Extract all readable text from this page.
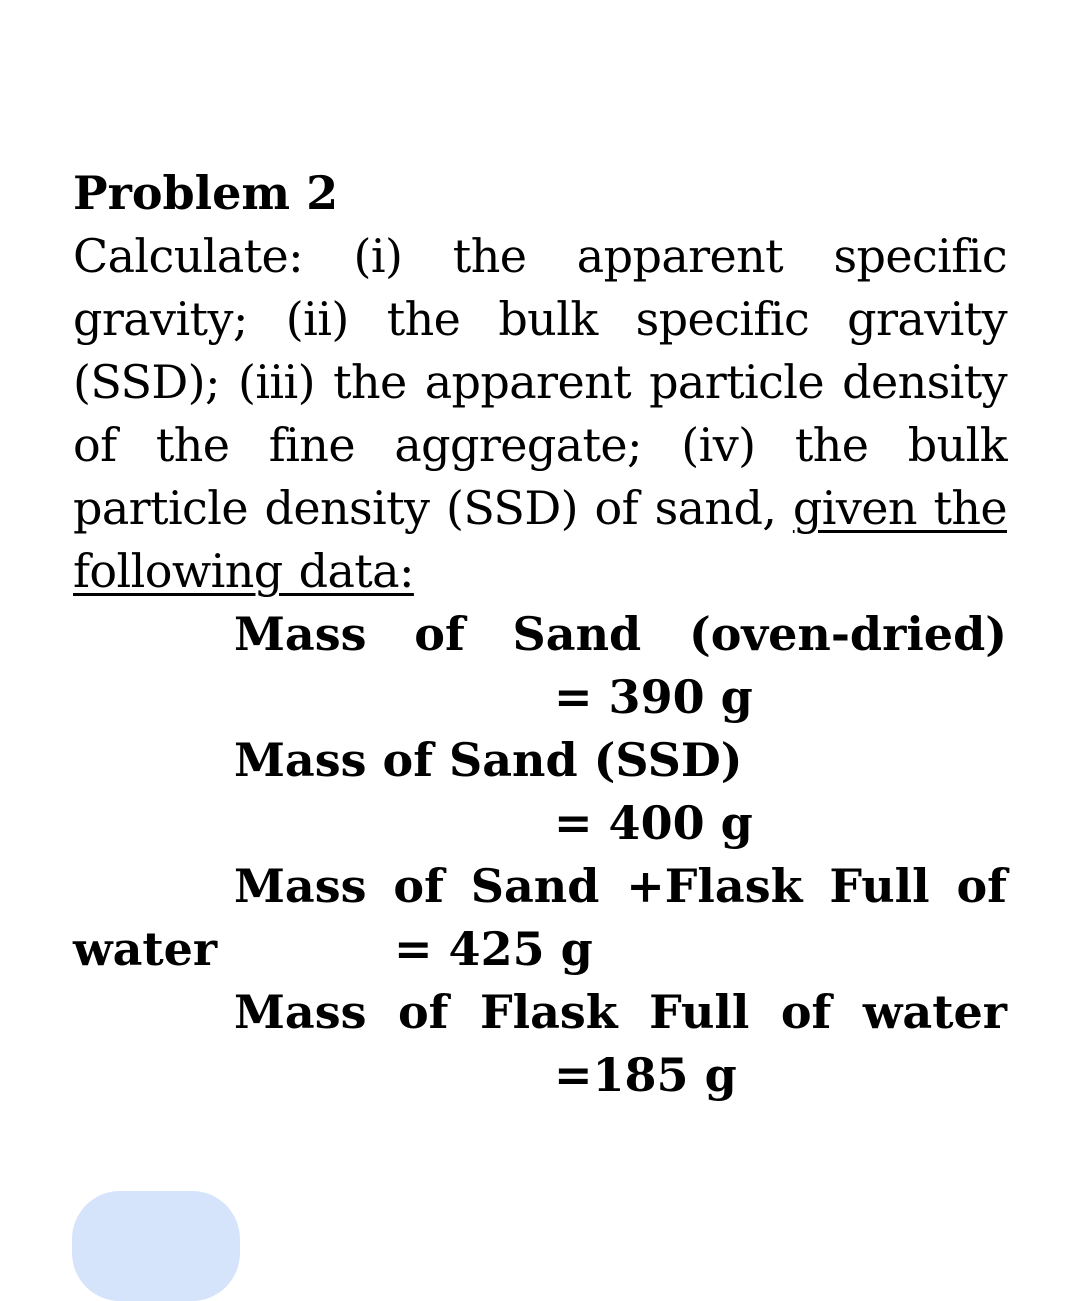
Problem 2
Calculate: (i) the apparent specific gravity; (ii) the bulk specific gravity (SSD); (iii) the apparent particle density of the fine aggregate; (iv) the bulk particle density (SSD) of sand, given the following data:
Mass of Sand (oven-dried)
= 390 g
Mass of Sand (SSD)
= 400 g
Mass of Sand +Flask Full of
water	= 425 g
Mass of Flask Full of water
=185 g
